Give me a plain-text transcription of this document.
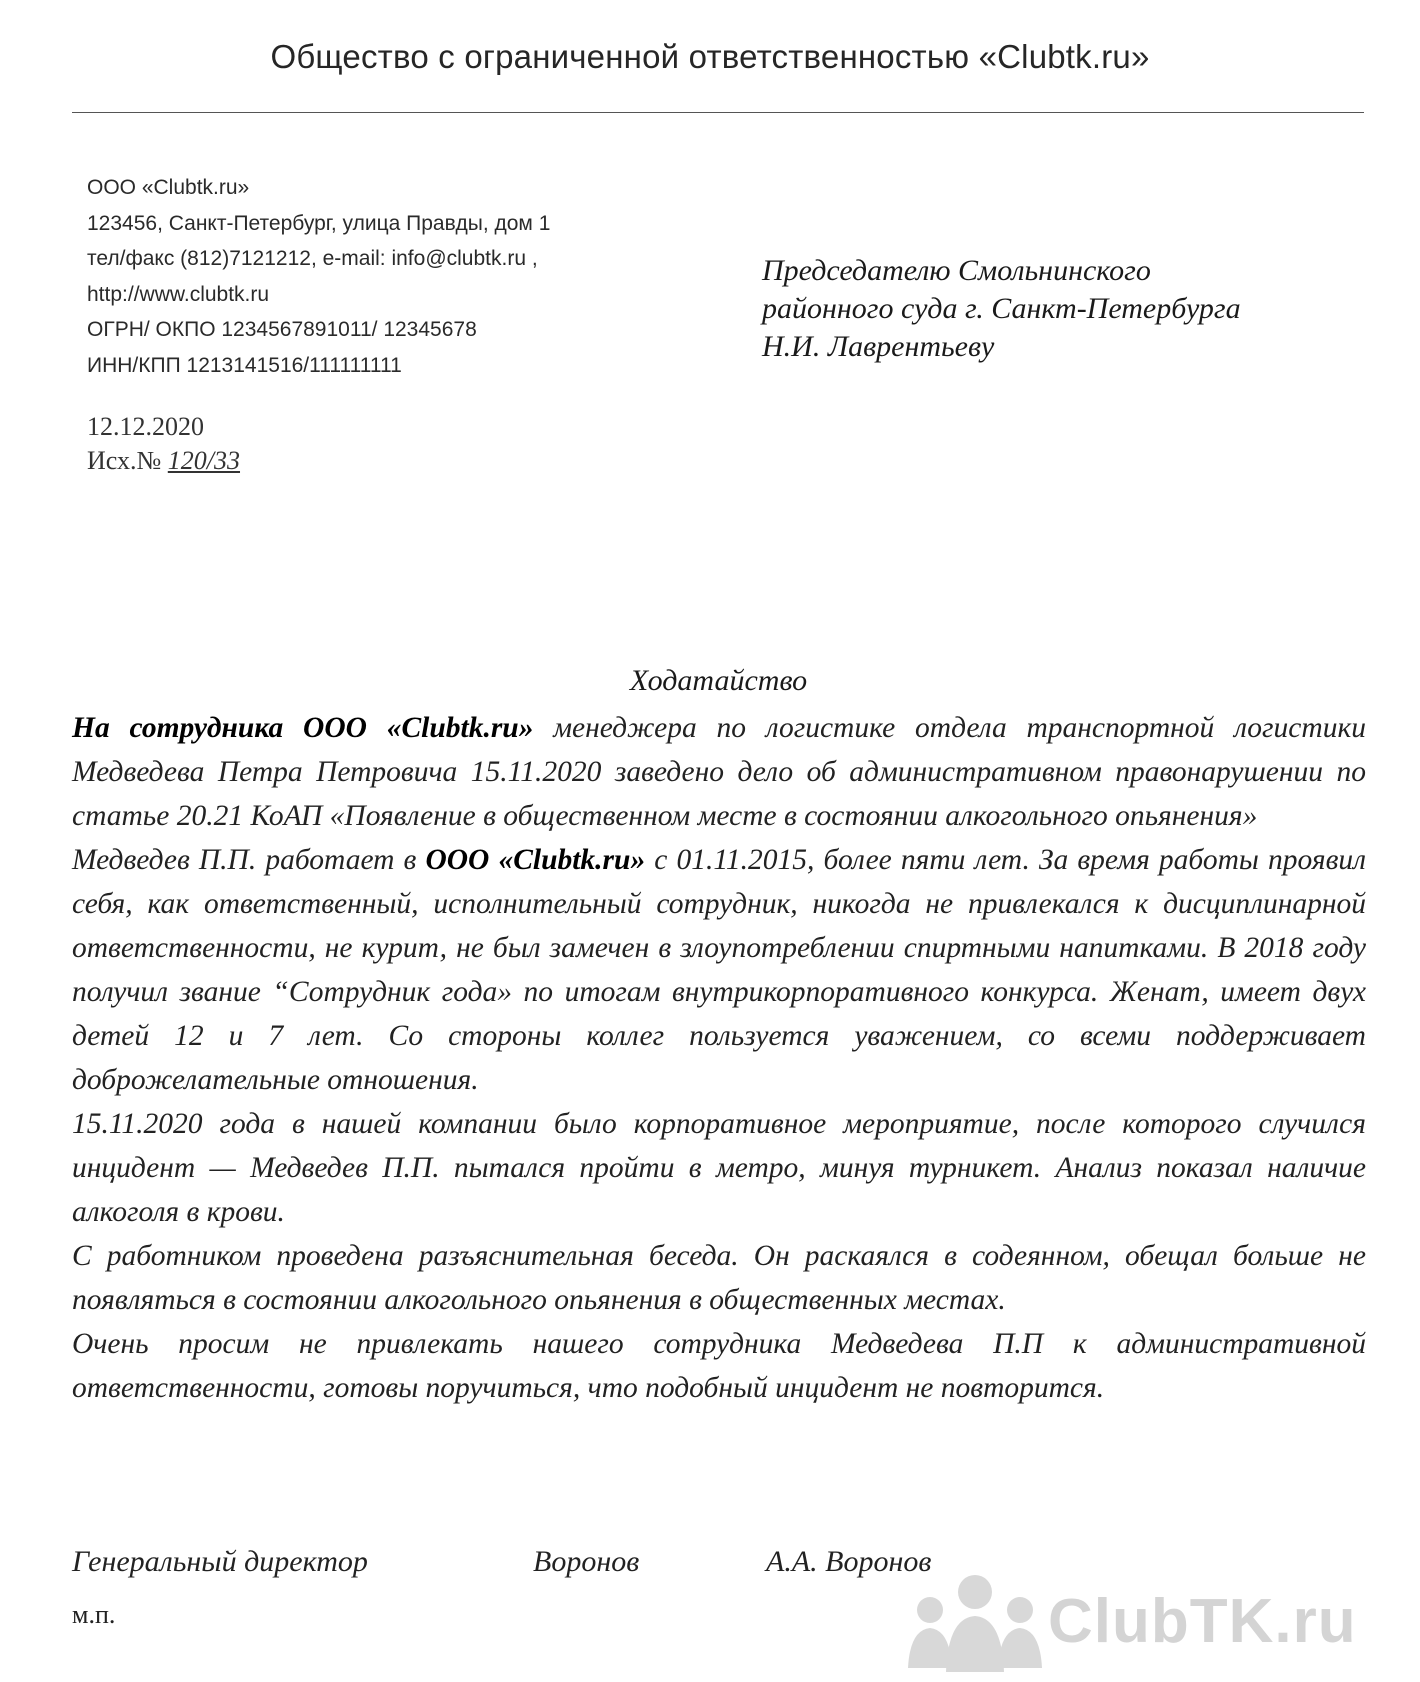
Общество с ограниченной ответственностью «Clubtk.ru»
ООО «Clubtk.ru»
123456, Санкт-Петербург, улица Правды, дом 1
тел/факс (812)7121212, e-mail: info@clubtk.ru ,
http://www.clubtk.ru
ОГРН/ ОКПО 1234567891011/ 12345678
ИНН/КПП 1213141516/111111111
Председателю Смольнинского
районного суда г. Санкт-Петербурга
Н.И. Лаврентьеву
12.12.2020
Исх.№ 120/33
Ходатайство

На сотрудника ООО «Clubtk.ru» менеджера по логистике отдела транспортной логистики Медведева Петра Петровича 15.11.2020 заведено дело об административном правонарушении по статье 20.21 КоАП «Появление в общественном месте в состоянии алкогольного опьянения»

Медведев П.П. работает в ООО «Clubtk.ru» с 01.11.2015, более пяти лет. За время работы проявил себя, как ответственный, исполнительный сотрудник, никогда не привлекался к дисциплинарной ответственности, не курит, не был замечен в злоупотреблении спиртными напитками. В 2018 году получил звание “Сотрудник года» по итогам внутрикорпоративного конкурса. Женат, имеет двух детей 12 и 7 лет. Со стороны коллег пользуется уважением, со всеми поддерживает доброжелательные отношения.

15.11.2020 года в нашей компании было корпоративное мероприятие, после которого случился инцидент — Медведев П.П. пытался пройти в метро, минуя турникет. Анализ показал наличие алкоголя в крови.

С работником проведена разъяснительная беседа. Он раскаялся в содеянном, обещал больше не появляться в состоянии алкогольного опьянения в общественных местах.

Очень просим не привлекать нашего сотрудника Медведева П.П к административной ответственности, готовы поручиться, что подобный инцидент не повторится.

Генеральный директор	Воронов	А.А. Воронов
м.п.	ClubTK.ru
